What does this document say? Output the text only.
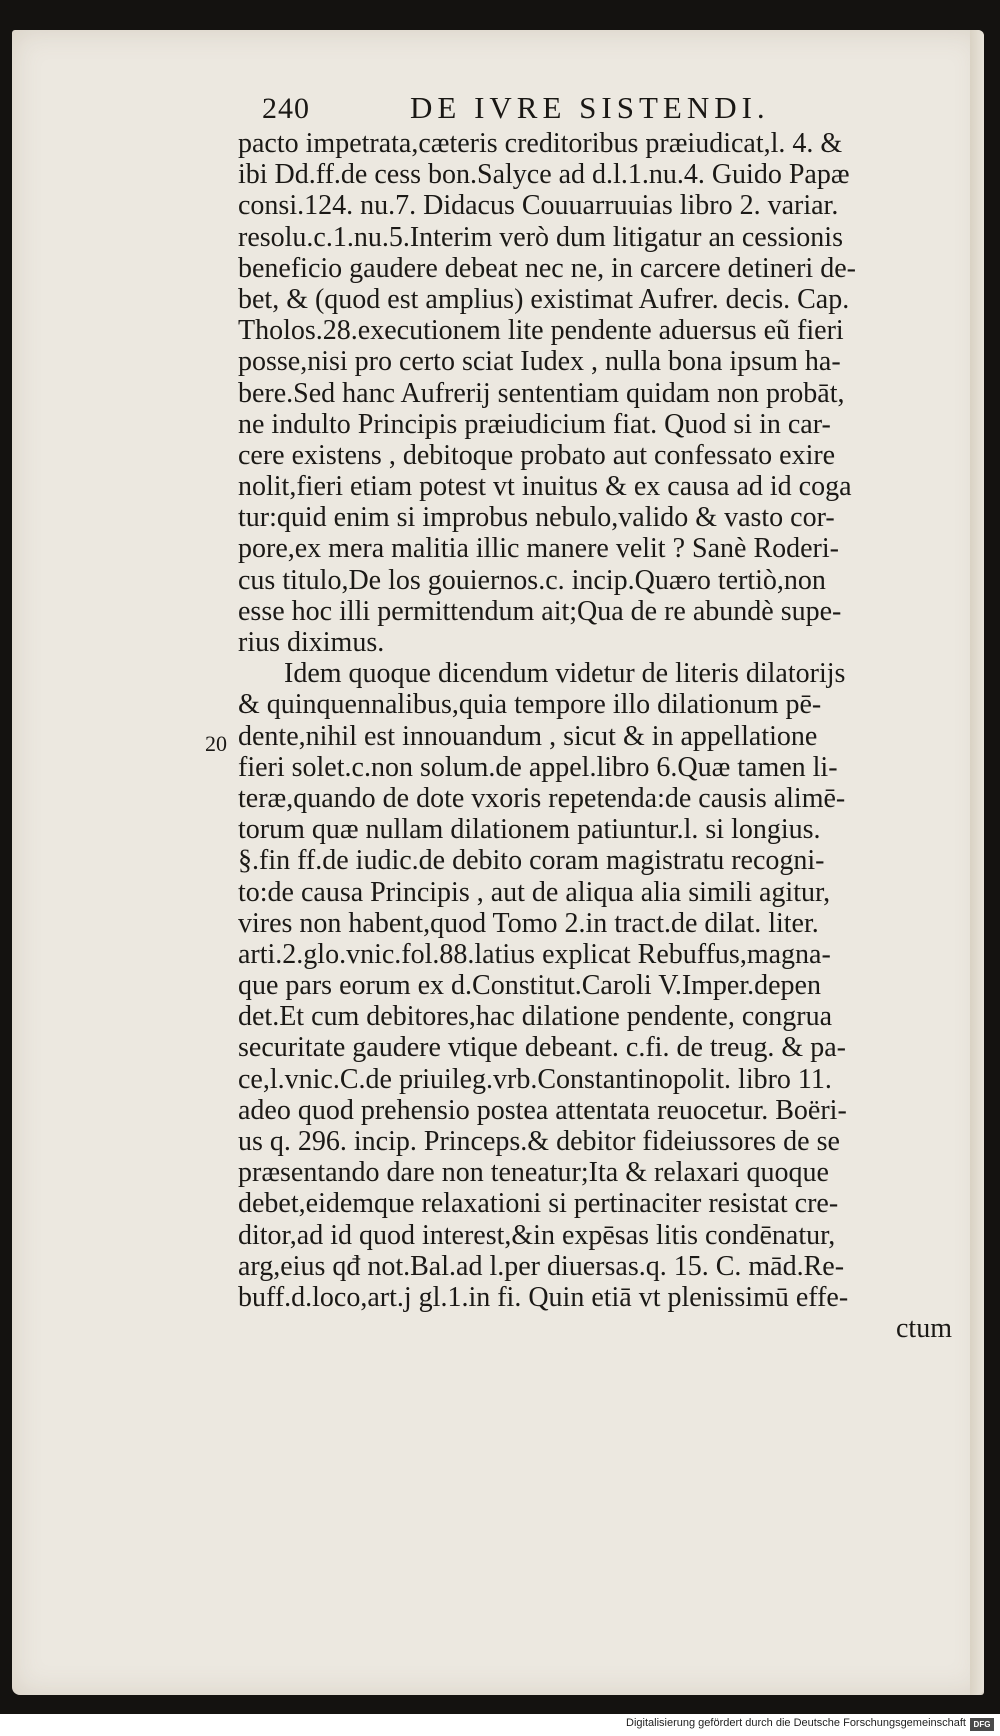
240	DE IVRE SISTENDI.
20
pacto impetrata,cæteris creditoribus præiudicat,l. 4. &
ibi Dd.ff.de cess bon.Salyce ad d.l.1.nu.4. Guido Papæ
consi.124. nu.7. Didacus Couuarruuias libro 2. variar.
resolu.c.1.nu.5.Interim verò dum litigatur an cessionis
beneficio gaudere debeat nec ne, in carcere detineri de-
bet, & (quod est amplius) existimat Aufrer. decis. Cap.
Tholos.28.executionem lite pendente aduersus eũ fieri
posse,nisi pro certo sciat Iudex , nulla bona ipsum ha-
bere.Sed hanc Aufrerij sententiam quidam non probāt,
ne indulto Principis præiudicium fiat. Quod si in car-
cere existens , debitoque probato aut confessato exire
nolit,fieri etiam potest vt inuitus & ex causa ad id coga
tur:quid enim si improbus nebulo,valido & vasto cor-
pore,ex mera malitia illic manere velit ? Sanè Roderi-
cus titulo,De los gouiernos.c. incip.Quæro tertiò,non
esse hoc illi permittendum ait;Qua de re abundè supe-
rius diximus.
Idem quoque dicendum videtur de literis dilatorijs
& quinquennalibus,quia tempore illo dilationum pē-
dente,nihil est innouandum , sicut & in appellatione
fieri solet.c.non solum.de appel.libro 6.Quæ tamen li-
teræ,quando de dote vxoris repetenda:de causis alimē-
torum quæ nullam dilationem patiuntur.l. si longius.
§.fin ff.de iudic.de debito coram magistratu recogni-
to:de causa Principis , aut de aliqua alia simili agitur,
vires non habent,quod Tomo 2.in tract.de dilat. liter.
arti.2.glo.vnic.fol.88.latius explicat Rebuffus,magna-
que pars eorum ex d.Constitut.Caroli V.Imper.depen
det.Et cum debitores,hac dilatione pendente, congrua
securitate gaudere vtique debeant. c.fi. de treug. & pa-
ce,l.vnic.C.de priuileg.vrb.Constantinopolit. libro 11.
adeo quod prehensio postea attentata reuocetur. Boëri-
us q. 296. incip. Princeps.& debitor fideiussores de se
præsentando dare non teneatur;Ita & relaxari quoque
debet,eidemque relaxationi si pertinaciter resistat cre-
ditor,ad id quod interest,&in expēsas litis condēnatur,
arg,eius qđ not.Bal.ad l.per diuersas.q. 15. C. mād.Re-
buff.d.loco,art.j gl.1.in fi. Quin etiā vt plenissimū effe-
ctum
Digitalisierung gefördert durch die Deutsche Forschungsgemeinschaft DFG
